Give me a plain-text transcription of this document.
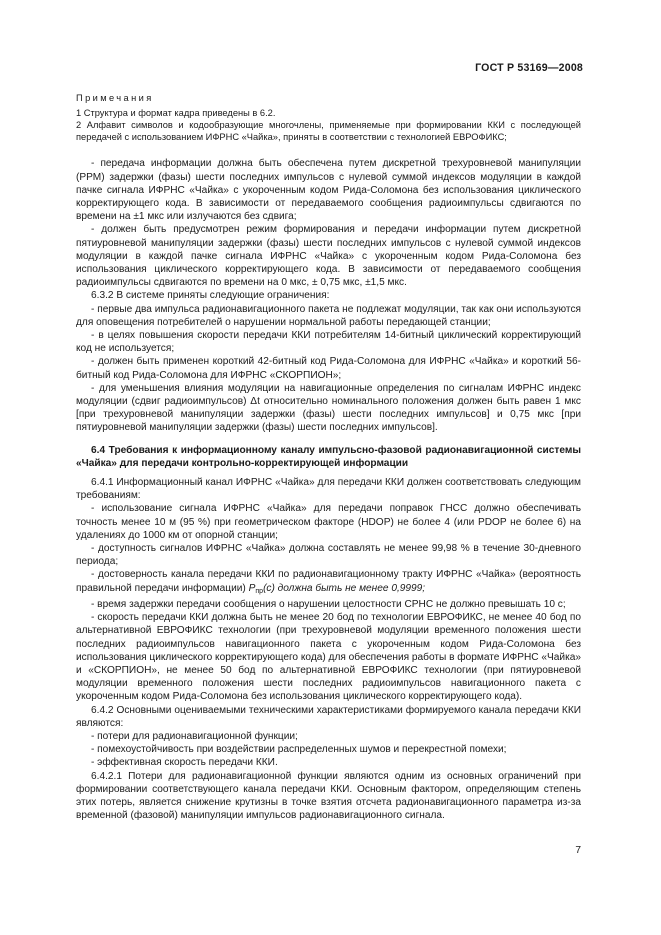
ГОСТ Р 53169—2008
Примечания

1 Структура и формат кадра приведены в 6.2.

2 Алфавит символов и кодообразующие многочлены, применяемые при формировании ККИ с последующей передачей с использованием ИФРНС «Чайка», приняты в соответствии с технологией ЕВРОФИКС;

- передача информации должна быть обеспечена путем дискретной трехуровневой манипуляции (РРМ) задержки (фазы) шести последних импульсов с нулевой суммой индексов модуляции в каждой пачке сигнала ИФРНС «Чайка» с укороченным кодом Рида-Соломона без использования циклического корректирующего кода. В зависимости от передаваемого сообщения радиоимпульсы сдвигаются по времени на ±1 мкс или излучаются без сдвига;

- должен быть предусмотрен режим формирования и передачи информации путем дискретной пятиуровневой манипуляции задержки (фазы) шести последних импульсов с нулевой суммой индексов модуляции в каждой пачке сигнала ИФРНС «Чайка» с укороченным кодом Рида-Соломона без использования циклического корректирующего кода. В зависимости от передаваемого сообщения радиоимпульсы сдвигаются по времени на 0 мкс, ± 0,75 мкс, ±1,5 мкс.

6.3.2 В системе приняты следующие ограничения:

- первые два импульса радионавигационного пакета не подлежат модуляции, так как они используются для оповещения потребителей о нарушении нормальной работы передающей станции;

- в целях повышения скорости передачи ККИ потребителям 14-битный циклический корректирующий код не используется;

- должен быть применен короткий 42-битный код Рида-Соломона для ИФРНС «Чайка» и короткий 56-битный код Рида-Соломона для ИФРНС «СКОРПИОН»;

- для уменьшения влияния модуляции на навигационные определения по сигналам ИФРНС индекс модуляции (сдвиг радиоимпульсов) Δt относительно номинального положения должен быть равен 1 мкс [при трехуровневой манипуляции задержки (фазы) шести последних импульсов] и 0,75 мкс [при пятиуровневой манипуляции задержки (фазы) шести последних импульсов].

6.4 Требования к информационному каналу импульсно-фазовой радионавигационной системы «Чайка» для передачи контрольно-корректирующей информации

6.4.1 Информационный канал ИФРНС «Чайка» для передачи ККИ должен соответствовать следующим требованиям:

- использование сигнала ИФРНС «Чайка» для передачи поправок ГНСС должно обеспечивать точность менее 10 м (95 %) при геометрическом факторе (HDOP) не более 4 (или PDOP не более 6) на удалениях до 1000 км от опорной станции;

- доступность сигналов ИФРНС «Чайка» должна составлять не менее 99,98 % в течение 30-дневного периода;

- достоверность канала передачи ККИ по радионавигационному тракту ИФРНС «Чайка» (вероятность правильной передачи информации) $P_{пр}(c)$ должна быть не менее 0,9999;

- время задержки передачи сообщения о нарушении целостности СРНС не должно превышать 10 с;

- скорость передачи ККИ должна быть не менее 20 бод по технологии ЕВРОФИКС, не менее 40 бод по альтернативной ЕВРОФИКС технологии (при трехуровневой модуляции временного положения шести последних радиоимпульсов навигационного пакета с укороченным кодом Рида-Соломона без использования циклического корректирующего кода) для обеспечения работы в формате ИФРНС «Чайка» и «СКОРПИОН», не менее 50 бод по альтернативной ЕВРОФИКС технологии (при пятиуровневой модуляции временного положения шести последних радиоимпульсов навигационного пакета с укороченным кодом Рида-Соломона без использования циклического корректирующего кода).

6.4.2 Основными оцениваемыми техническими характеристиками формируемого канала передачи ККИ являются:

- потери для радионавигационной функции;

- помехоустойчивость при воздействии распределенных шумов и перекрестной помехи;

- эффективная скорость передачи ККИ.

6.4.2.1 Потери для радионавигационной функции являются одним из основных ограничений при формировании соответствующего канала передачи ККИ. Основным фактором, определяющим степень этих потерь, является снижение крутизны в точке взятия отсчета радионавигационного параметра из-за временной (фазовой) манипуляции импульсов радионавигационного сигнала.

7
